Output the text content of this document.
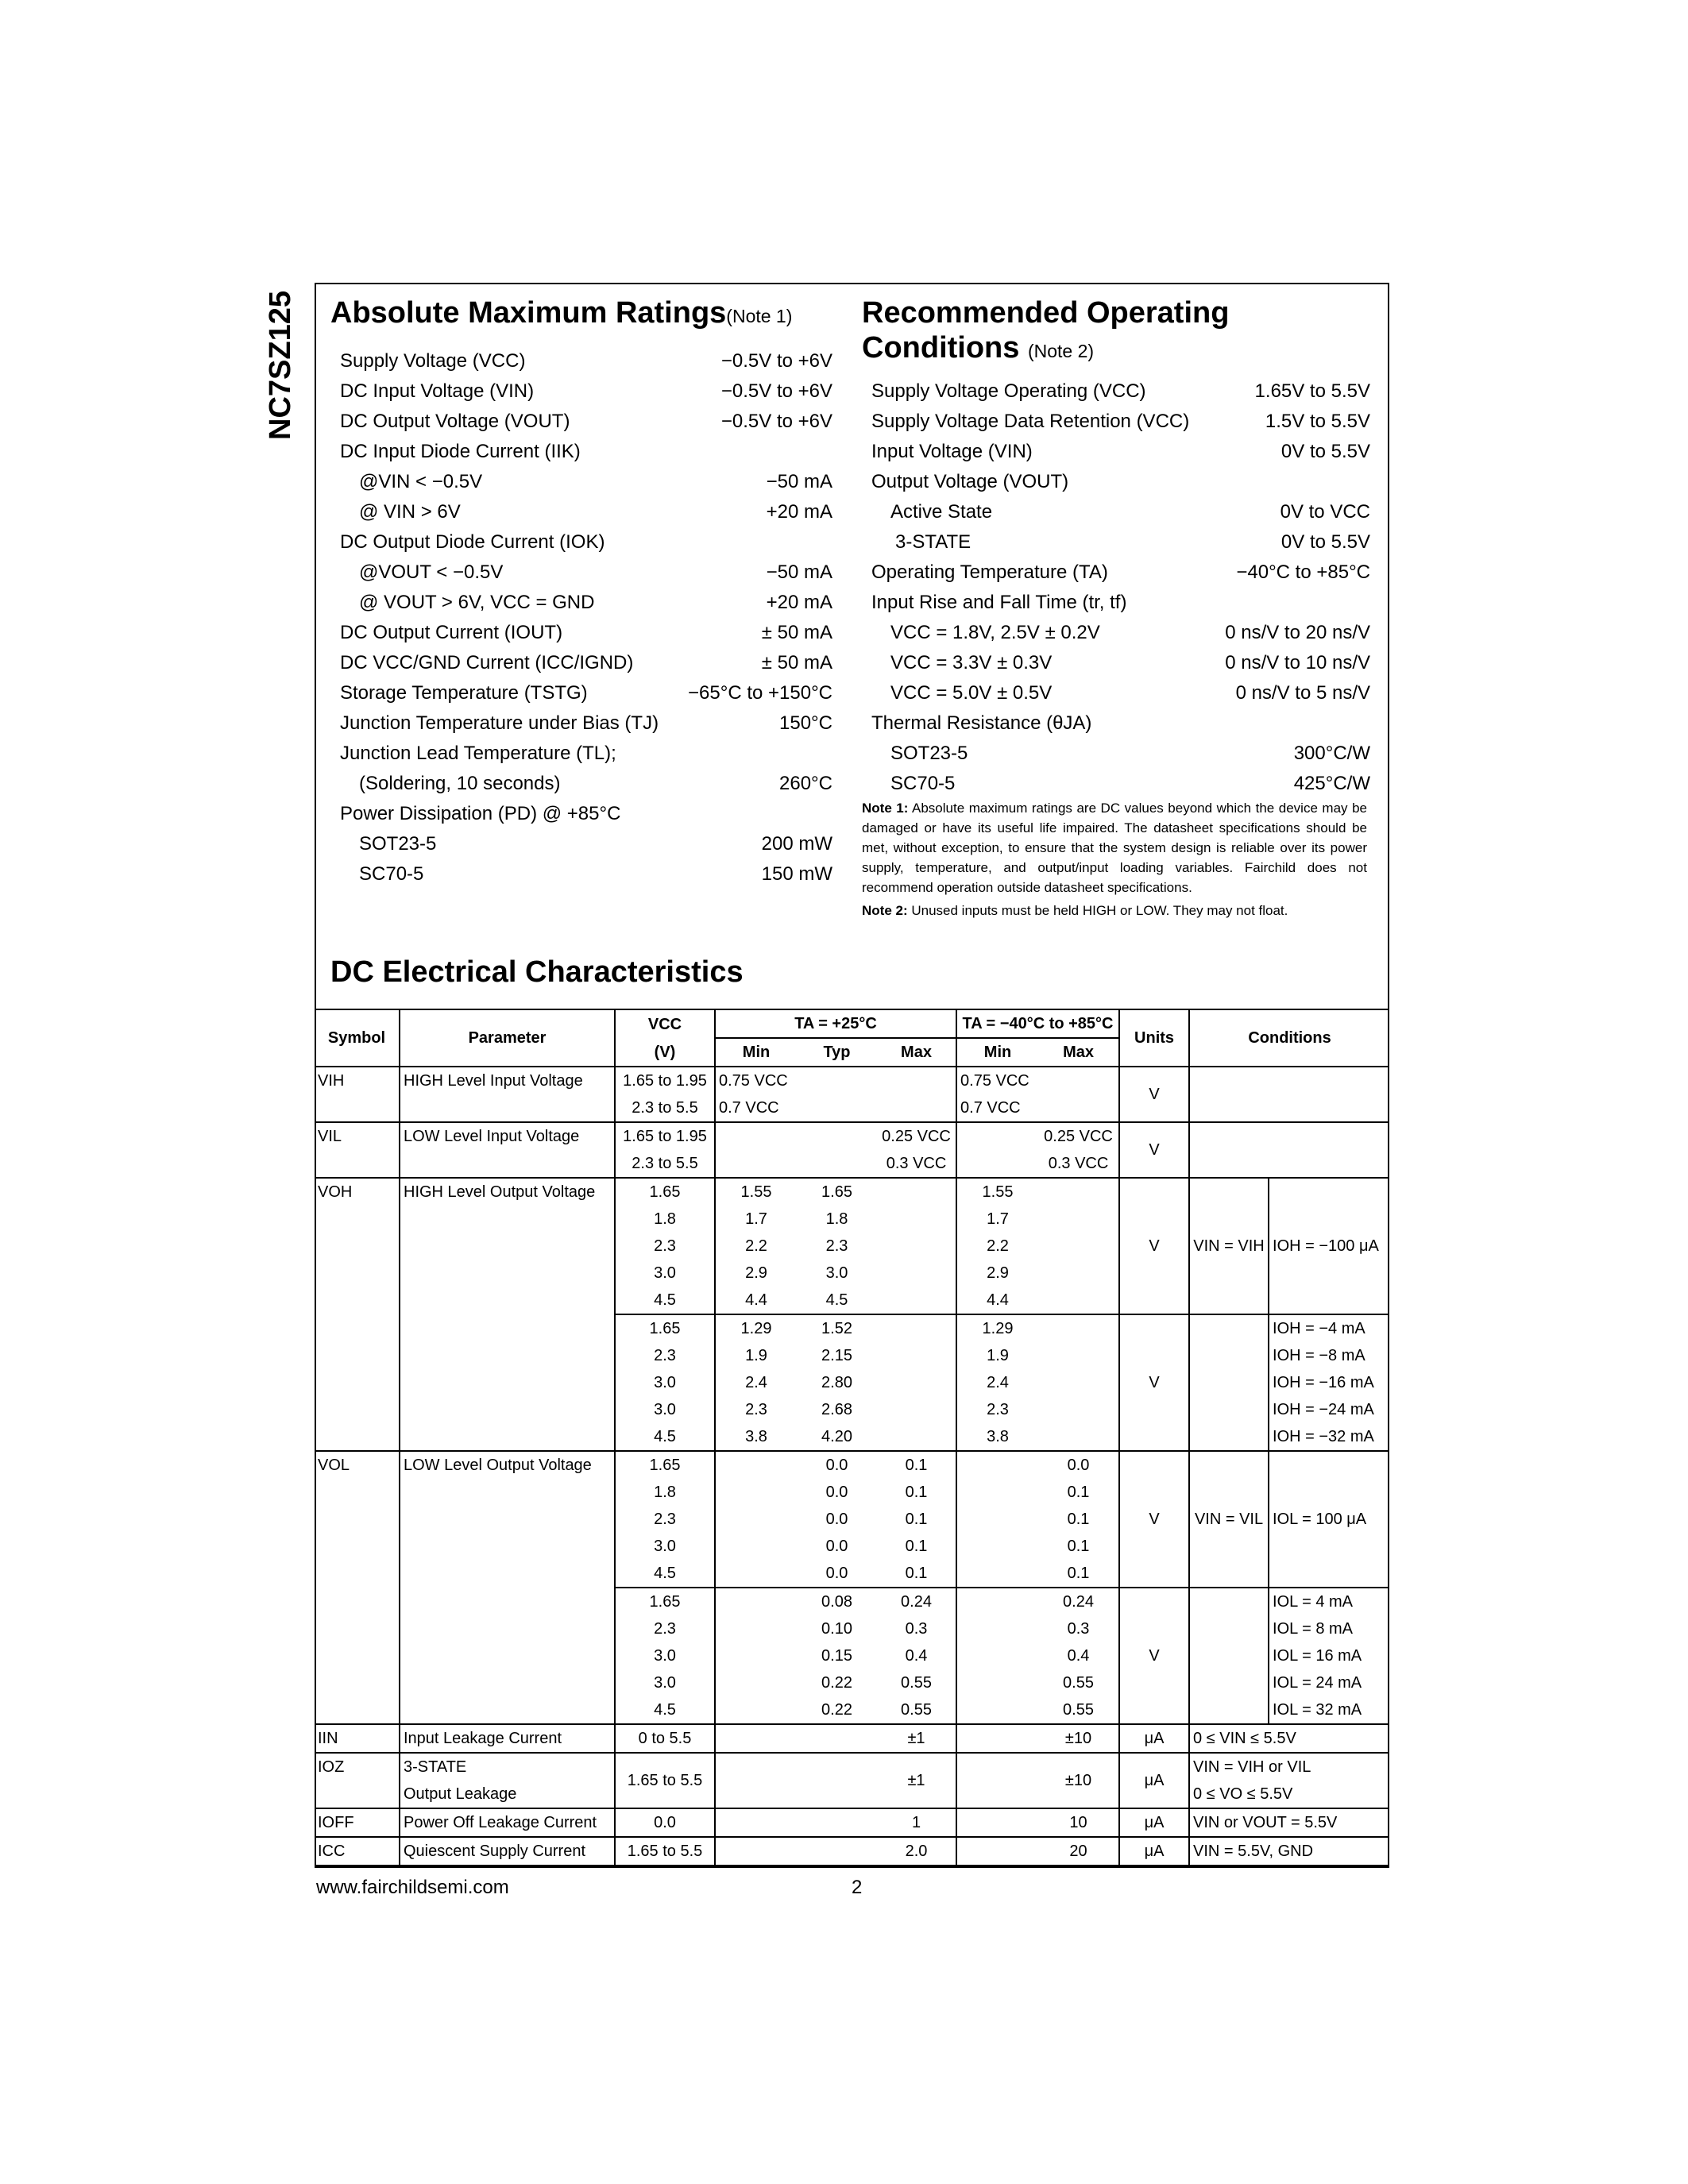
NC7SZ125 Absolute Maximum Ratings(Note 1)
Supply Voltage (VCC)	−0.5V to +6V
DC Input Voltage (VIN)	−0.5V to +6V
DC Output Voltage (VOUT)	−0.5V to +6V
DC Input Diode Current (IIK)
@VIN < −0.5V	−50 mA
@ VIN > 6V	+20 mA
DC Output Diode Current (IOK)
@VOUT < −0.5V	−50 mA
@ VOUT > 6V, VCC = GND	+20 mA
DC Output Current (IOUT)	± 50 mA
DC VCC/GND Current (ICC/IGND)	± 50 mA
Storage Temperature (TSTG)	−65°C to +150°C
Junction Temperature under Bias (TJ)	150°C
Junction Lead Temperature (TL);
(Soldering, 10 seconds)	260°C
Power Dissipation (PD) @ +85°C
SOT23-5	200 mW
SC70-5	150 mW
Recommended Operating
Conditions (Note 2)
Supply Voltage Operating (VCC)	1.65V to 5.5V
Supply Voltage Data Retention (VCC)	1.5V to 5.5V
Input Voltage (VIN)	0V to 5.5V
Output Voltage (VOUT)
Active State	0V to VCC
3-STATE	0V to 5.5V
Operating Temperature (TA)	−40°C to +85°C
Input Rise and Fall Time (tr, tf)
VCC = 1.8V, 2.5V ± 0.2V	0 ns/V to 20 ns/V
VCC = 3.3V ± 0.3V	0 ns/V to 10 ns/V
VCC = 5.0V ± 0.5V	0 ns/V to 5 ns/V
Thermal Resistance (θJA)
SOT23-5	300°C/W
SC70-5	425°C/W

Note 1: Absolute maximum ratings are DC values beyond which the device may be damaged or have its useful life impaired. The datasheet specifications should be met, without exception, to ensure that the system design is reliable over its power supply, temperature, and output/input loading variables. Fairchild does not recommend operation outside datasheet specifications.

Note 2: Unused inputs must be held HIGH or LOW. They may not float.

DC Electrical Characteristics
Symbol	Parameter	VCC	TA = +25°C			TA = −40°C to +85°C		Units	Conditions	
		(V)	Min	Typ	Max	Min	Max			
VIH	HIGH Level Input Voltage	1.65 to 1.95	0.75 VCC			0.75 VCC		V		
		2.3 to 5.5	0.7 VCC			0.7 VCC				
VIL	LOW Level Input Voltage	1.65 to 1.95			0.25 VCC		0.25 VCC	V		
		2.3 to 5.5			0.3 VCC		0.3 VCC			
VOH	HIGH Level Output Voltage	1.65	1.55	1.65		1.55		V	VIN = VIH	IOH = −100 μA
		1.8	1.7	1.8		1.7				
		2.3	2.2	2.3		2.2				
		3.0	2.9	3.0		2.9				
		4.5	4.4	4.5		4.4				
		1.65	1.29	1.52		1.29		V		IOH = −4 mA
		2.3	1.9	2.15		1.9				IOH = −8 mA
		3.0	2.4	2.80		2.4				IOH = −16 mA
		3.0	2.3	2.68		2.3				IOH = −24 mA
		4.5	3.8	4.20		3.8				IOH = −32 mA
VOL	LOW Level Output Voltage	1.65		0.0	0.1		0.0	V	VIN = VIL	IOL = 100 μA
		1.8		0.0	0.1		0.1			
		2.3		0.0	0.1		0.1			
		3.0		0.0	0.1		0.1			
		4.5		0.0	0.1		0.1			
		1.65		0.08	0.24		0.24	V		IOL = 4 mA
		2.3		0.10	0.3		0.3			IOL = 8 mA
		3.0		0.15	0.4		0.4			IOL = 16 mA
		3.0		0.22	0.55		0.55			IOL = 24 mA
		4.5		0.22	0.55		0.55			IOL = 32 mA
IIN	Input Leakage Current	0 to 5.5			±1		±10	μA	0 ≤ VIN ≤ 5.5V	
IOZ	3-STATE	1.65 to 5.5			±1		±10	μA	VIN = VIH or VIL	
	Output Leakage								0 ≤ VO ≤ 5.5V	
IOFF	Power Off Leakage Current	0.0			1		10	μA	VIN or VOUT = 5.5V	
ICC	Quiescent Supply Current	1.65 to 5.5			2.0		20	μA	VIN = 5.5V, GND	
www.fairchildsemi.com	2
